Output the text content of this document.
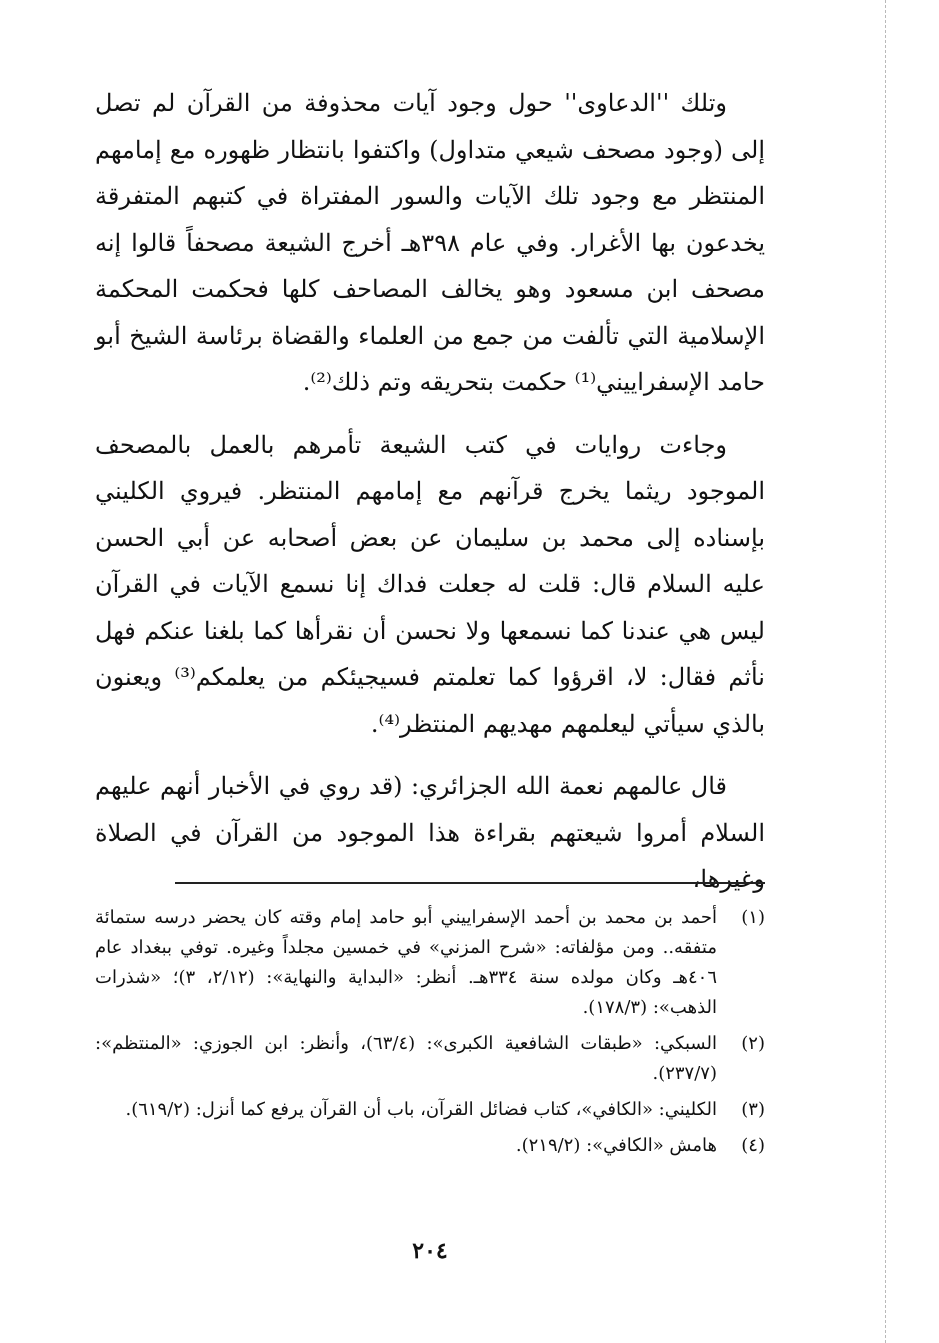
وتلك ''الدعاوى'' حول وجود آيات محذوفة من القرآن لم تصل إلى (وجود مصحف شيعي متداول) واكتفوا بانتظار ظهوره مع إمامهم المنتظر مع وجود تلك الآيات والسور المفتراة في كتبهم المتفرقة يخدعون بها الأغرار. وفي عام ٣٩٨هـ أخرج الشيعة مصحفاً قالوا إنه مصحف ابن مسعود وهو يخالف المصاحف كلها فحكمت المحكمة الإسلامية التي تألفت من جمع من العلماء والقضاة برئاسة الشيخ أبو حامد الإسفراييني⁽¹⁾ حكمت بتحريقه وتم ذلك⁽²⁾.

وجاءت روايات في كتب الشيعة تأمرهم بالعمل بالمصحف الموجود ريثما يخرج قرآنهم مع إمامهم المنتظر. فيروي الكليني بإسناده إلى محمد بن سليمان عن بعض أصحابه عن أبي الحسن عليه السلام قال: قلت له جعلت فداك إنا نسمع الآيات في القرآن ليس هي عندنا كما نسمعها ولا نحسن أن نقرأها كما بلغنا عنكم فهل نأثم فقال: لا، اقرؤوا كما تعلمتم فسيجيئكم من يعلمكم⁽³⁾ ويعنون بالذي سيأتي ليعلمهم مهديهم المنتظر⁽⁴⁾.

قال عالمهم نعمة الله الجزائري: (قد روي في الأخبار أنهم عليهم السلام أمروا شيعتهم بقراءة هذا الموجود من القرآن في الصلاة وغيرها،

(١)
أحمد بن محمد بن أحمد الإسفراييني أبو حامد إمام وقته كان يحضر درسه ستمائة متفقه.. ومن مؤلفاته: «شرح المزني» في خمسين مجلداً وغيره. توفي ببغداد عام ٤٠٦هـ وكان مولده سنة ٣٣٤هـ. أنظر: «البداية والنهاية»: (٢/١٢، ٣)؛ «شذرات الذهب»: (١٧٨/٣).
(٢)
السبكي: «طبقات الشافعية الكبرى»: (٦٣/٤)، وأنظر: ابن الجوزي: «المنتظم»: (٢٣٧/٧).
(٣)
الكليني: «الكافي»، كتاب فضائل القرآن، باب أن القرآن يرفع كما أنزل: (٦١٩/٢).
(٤)
هامش «الكافي»: (٢١٩/٢).
٢٠٤
